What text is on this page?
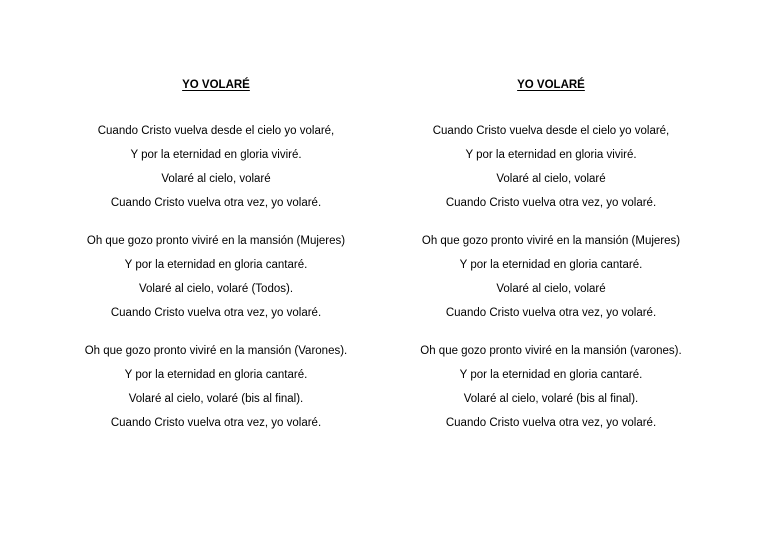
YO VOLARÉ
Cuando Cristo vuelva desde el cielo yo volaré,
Y por la eternidad en gloria viviré.
Volaré al cielo, volaré
Cuando Cristo vuelva otra vez, yo volaré.
Oh que gozo pronto viviré en la mansión (Mujeres)
Y por la eternidad en gloria cantaré.
Volaré al cielo, volaré (Todos).
Cuando Cristo vuelva otra vez, yo volaré.
Oh que gozo pronto viviré en la mansión (Varones).
Y por la eternidad en gloria cantaré.
Volaré al cielo, volaré (bis al final).
Cuando Cristo vuelva otra vez, yo volaré.
YO VOLARÉ
Cuando Cristo vuelva desde el cielo yo volaré,
Y por la eternidad en gloria viviré.
Volaré al cielo, volaré
Cuando Cristo vuelva otra vez, yo volaré.
Oh que gozo pronto viviré en la mansión (Mujeres)
Y por la eternidad en gloria cantaré.
Volaré al cielo, volaré
Cuando Cristo vuelva otra vez, yo volaré.
Oh que gozo pronto viviré en la mansión (varones).
Y por la eternidad en gloria cantaré.
Volaré al cielo, volaré (bis al final).
Cuando Cristo vuelva otra vez, yo volaré.
